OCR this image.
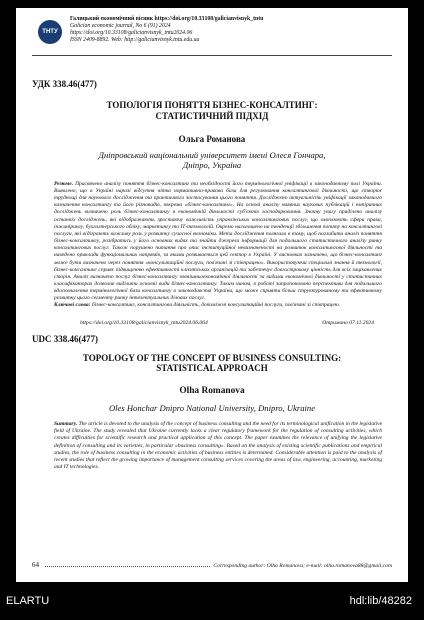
ТНТУ
Галицький економічний вісник https://doi.org/10.33108/galicianvisnyk_tntu
Galician economic journal, No 6 (91) 2024
https://doi.org/10.33108/galicianvisnyk_tntu2024.06
ISSN 2409-8892. Web: http://galicianvisnyk.tntu.edu.ua
УДК 338.46(477)
ТОПОЛОГІЯ ПОНЯТТЯ БІЗНЕС-КОНСАЛТИНГ:
СТАТИСТИЧНИЙ ПІДХІД
Ольга Романова
Дніпровський національний університет імені Олеся Гончара,
Дніпро, Україна
Резюме. Присвячено аналізу поняття бізнес-консалтинг та необхідності його термінологічної уніфікації в законодавчому полі України. Виявлено, що в Україні наразі відсутня чітка нормативно-правова база для регулювання консалтингової діяльності, що створює труднощі для наукового дослідження та практичного застосування цього поняття. Досліджено актуальність уніфікації законодавчого визначення консалтингу та його різновидів, зокрема «бізнес-консалтинг». На основі аналізу наявних наукових публікацій і емпіричних досліджень визначено роль бізнес-консалтингу в економічній діяльності суб'єктів господарювання. Значну увагу приділено аналізу останніх досліджень, які відображають зростаючу важливість управлінських консалтингових послуг, що охоплюють сфери права, інжинірингу, бухгалтерського обліку, маркетингу та ІТ-технологій. Окремо наголошено на тенденції збільшення попиту на консалтингові послуги, які відіграють важливу роль у розвитку сучасної економіки. Мета дослідження полягала в тому, щоб поглибити аналіз поняття бізнес-консалтингу, розібратись у його основних видах та знайти джерела інформації для подальшого статистичного аналізу ринку консалтингових послуг. Також порушено питання про опис інституційної невизначеності на розвиток консалтингової діяльності та наведено приклади функціональних напрямів, за якими розвивається цей сектор в Україні. У висновках зазначено, що бізнес-консалтинг може бути визначено через поняття «консультаційні послуги, пов'язані зі співпрацею». Використовуючи спеціальні знання й технології, бізнес-консалтинг сприяє підвищенню ефективності клієнтських організацій та забезпечує довгострокову цінність для всіх зацікавлених сторін. Аналіз визначено послуг бізнес-консалтингу зовнішньоекономічної діяльності за видами економічної діяльності у статистичних класифікаторах дозволив виділити основні види бізнес-консалтингу. Таким чином, в роботі запропоновано перспективи для подальшого вдосконалення термінологічної бази консалтингу в законодавстві України, що може сприяти більш структурованому та ефективному розвитку цього сегменту ринку інтелектуальних ділових послуг.
Ключові слова: бізнес-консалтинг, консалтингова діяльність, допоміжні консультаційні послуги, пов'язані зі співпрацею.
https://doi.org/10.33108/galicianvisnyk_tntu2024.06.064	Отримано 07.11.2024
UDC 338.46(477)
TOPOLOGY OF THE CONCEPT OF BUSINESS CONSULTING:
STATISTICAL APPROACH
Olha Romanova
Oles Honchar Dnipro National University, Dnipro, Ukraine
Summary. The article is devoted to the analysis of the concept of business consulting and the need for its terminological unification in the legislative field of Ukraine. The study revealed that Ukraine currently lacks a clear regulatory framework for the regulation of consulting activities, which creates difficulties for scientific research and practical application of this concept. The paper examines the relevance of unifying the legislative definition of consulting and its varieties, in particular «business consulting». Based on the analysis of existing scientific publications and empirical studies, the role of business consulting in the economic activities of business entities is determined. Considerable attention is paid to the analysis of recent studies that reflect the growing importance of management consulting services covering the areas of law, engineering, accounting, marketing and IT technologies.
64	Corresponding author: Olha Romanova; e-mail: olha.romanova88@gmail.com
ELARTU	hdl:lib/48282
